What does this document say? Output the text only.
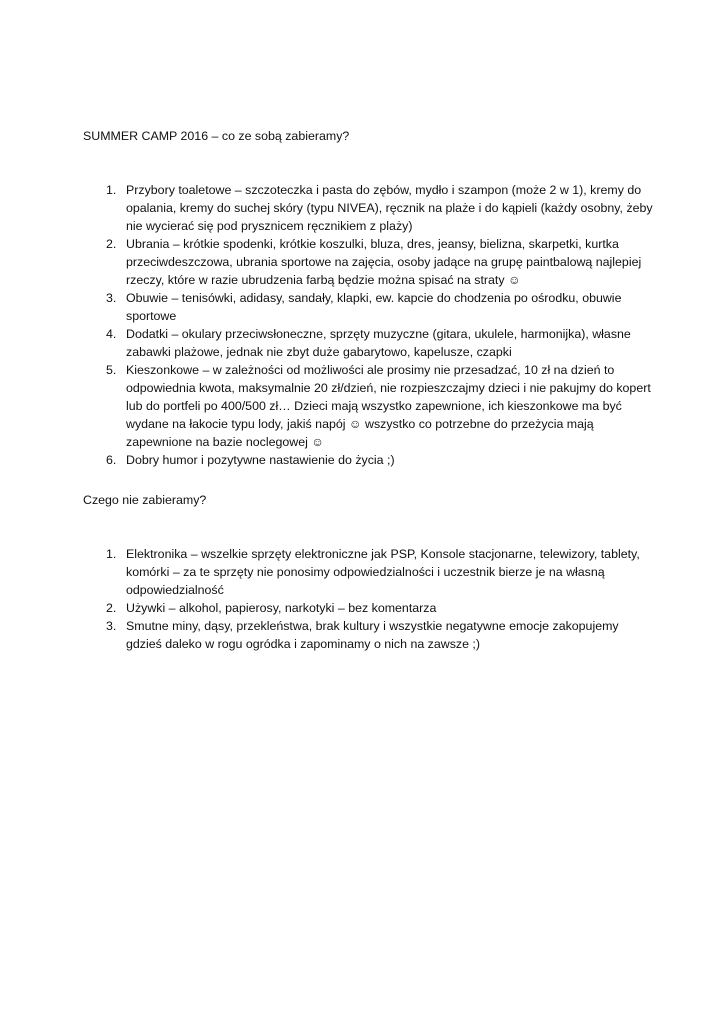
SUMMER CAMP 2016 – co ze sobą zabieramy?

1. Przybory toaletowe – szczoteczka i pasta do zębów, mydło i szampon (może 2 w 1), kremy do opalania, kremy do suchej skóry (typu NIVEA), ręcznik na plaże i do kąpieli (każdy osobny, żeby nie wycierać się pod prysznicem ręcznikiem z plaży)
2. Ubrania – krótkie spodenki, krótkie koszulki, bluza, dres, jeansy, bielizna, skarpetki, kurtka przeciwdeszczowa, ubrania sportowe na zajęcia, osoby jadące na grupę paintbalową najlepiej rzeczy, które w razie ubrudzenia farbą będzie można spisać na straty ☺
3. Obuwie – tenisówki, adidasy, sandały, klapki, ew. kapcie do chodzenia po ośrodku, obuwie sportowe
4. Dodatki – okulary przeciwsłoneczne, sprzęty muzyczne (gitara, ukulele, harmonijka), własne zabawki plażowe, jednak nie zbyt duże gabarytowo, kapelusze, czapki
5. Kieszonkowe – w zależności od możliwości ale prosimy nie przesadzać, 10 zł na dzień to odpowiednia kwota, maksymalnie 20 zł/dzień, nie rozpieszczajmy dzieci i nie pakujmy do kopert lub do portfeli po 400/500 zł… Dzieci mają wszystko zapewnione, ich kieszonkowe ma być wydane na łakocie typu lody, jakiś napój ☺ wszystko co potrzebne do przeżycia mają zapewnione na bazie noclegowej ☺
6. Dobry humor i pozytywne nastawienie do życia ;)

Czego nie zabieramy?

1. Elektronika – wszelkie sprzęty elektroniczne jak PSP, Konsole stacjonarne, telewizory, tablety, komórki – za te sprzęty nie ponosimy odpowiedzialności i uczestnik bierze je na własną odpowiedzialność
2. Używki – alkohol, papierosy, narkotyki – bez komentarza
3. Smutne miny, dąsy, przekleństwa, brak kultury i wszystkie negatywne emocje zakopujemy gdzieś daleko w rogu ogródka i zapominamy o nich na zawsze ;)
